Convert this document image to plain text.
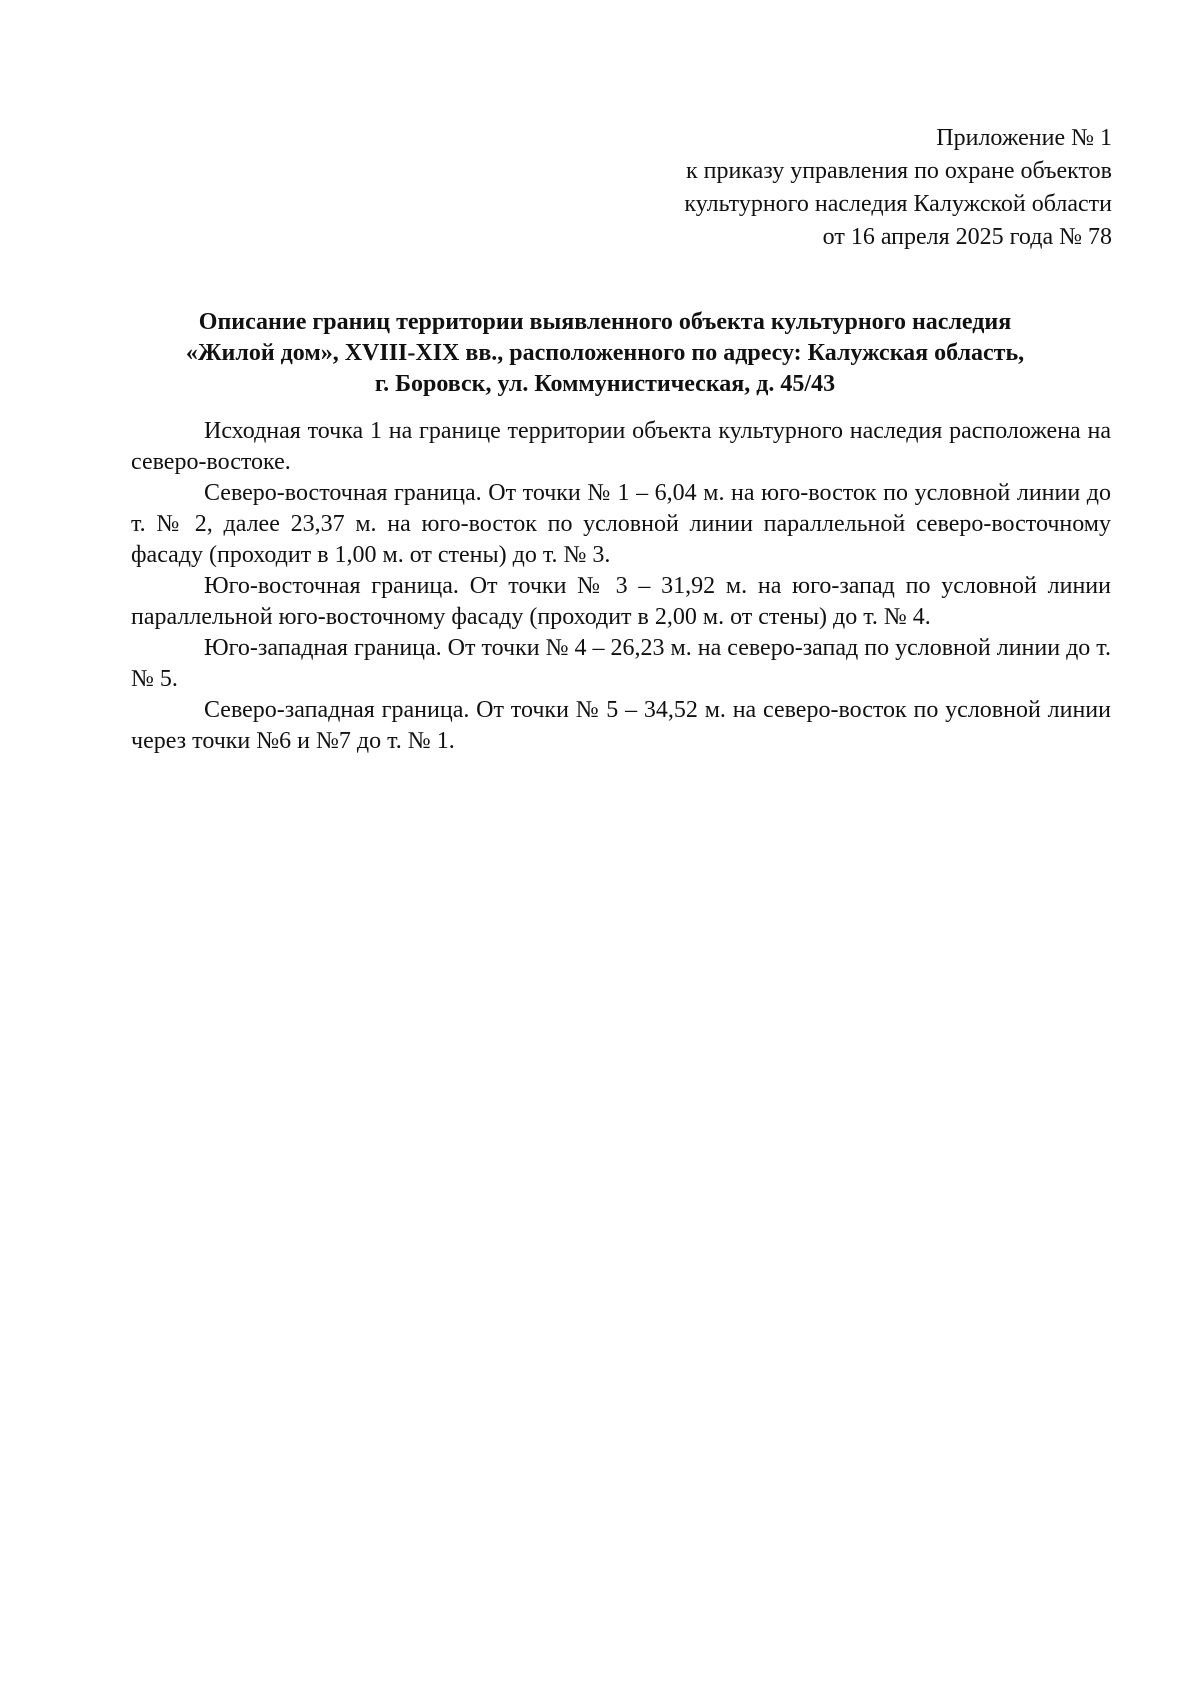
Приложение № 1
к приказу управления по охране объектов
культурного наследия Калужской области
от 16 апреля 2025 года № 78
Описание границ территории выявленного объекта культурного наследия
«Жилой дом», XVIII-XIX вв., расположенного по адресу: Калужская область,
г. Боровск, ул. Коммунистическая, д. 45/43

Исходная точка 1 на границе территории объекта культурного наследия расположена на северо-востоке.

Северо-восточная граница. От точки № 1 – 6,04 м. на юго-восток по условной линии до т. № 2, далее 23,37 м. на юго-восток по условной линии параллельной северо-восточному фасаду (проходит в 1,00 м. от стены) до т. № 3.

Юго-восточная граница. От точки № 3 – 31,92 м. на юго-запад по условной линии параллельной юго-восточному фасаду (проходит в 2,00 м. от стены) до т. № 4.

Юго-западная граница. От точки № 4 – 26,23 м. на северо-запад по условной линии до т. № 5.

Северо-западная граница. От точки № 5 – 34,52 м. на северо-восток по условной линии через точки №6 и №7 до т. № 1.
